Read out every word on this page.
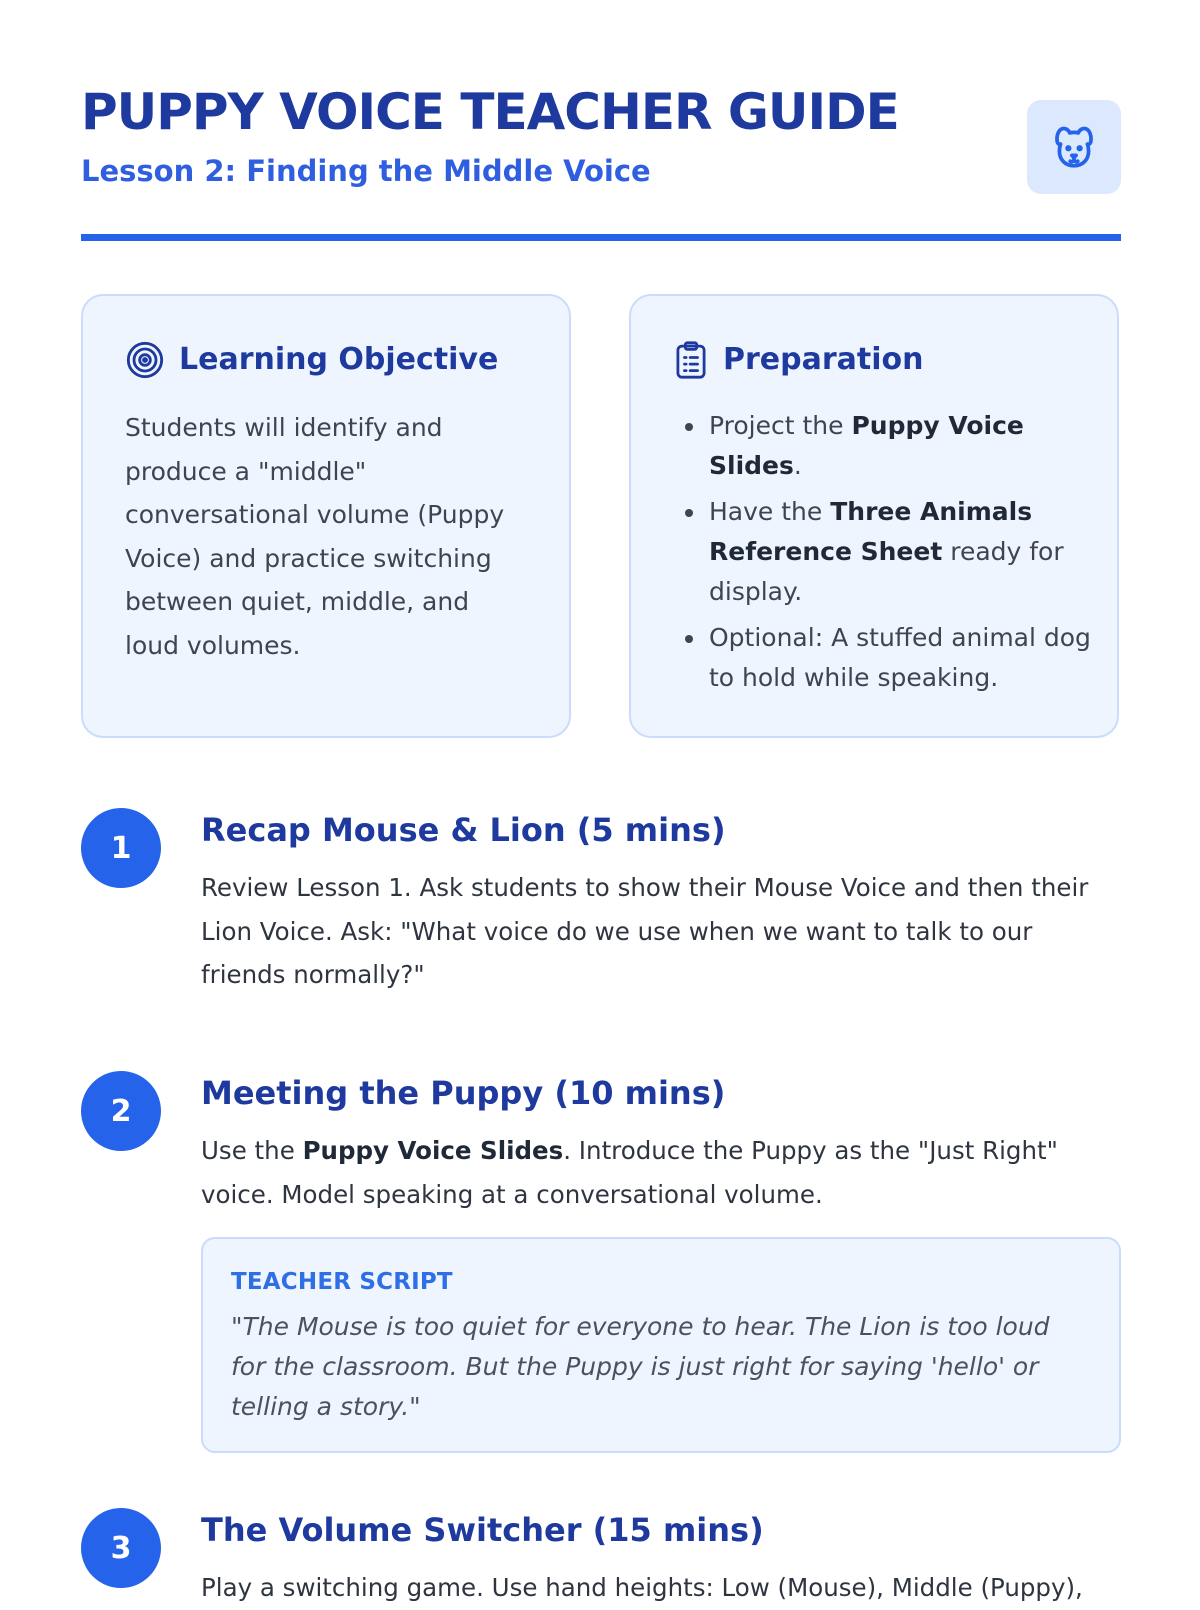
PUPPY VOICE TEACHER GUIDE
Lesson 2: Finding the Middle Voice
Learning Objective

Students will identify and produce a "middle" conversational volume (Puppy Voice) and practice switching between quiet, middle, and loud volumes.

Preparation
• Project the Puppy Voice Slides.
• Have the Three Animals Reference Sheet ready for display.
• Optional: A stuffed animal dog to hold while speaking.
1	Recap Mouse & Lion (5 mins)

Review Lesson 1. Ask students to show their Mouse Voice and then their Lion Voice. Ask: "What voice do we use when we want to talk to our friends normally?"

2	Meeting the Puppy (10 mins)

Use the Puppy Voice Slides. Introduce the Puppy as the "Just Right" voice. Model speaking at a conversational volume.

TEACHER SCRIPT

"The Mouse is too quiet for everyone to hear. The Lion is too loud for the classroom. But the Puppy is just right for saying 'hello' or telling a story."

3	The Volume Switcher (15 mins)

Play a switching game. Use hand heights: Low (Mouse), Middle (Puppy),
